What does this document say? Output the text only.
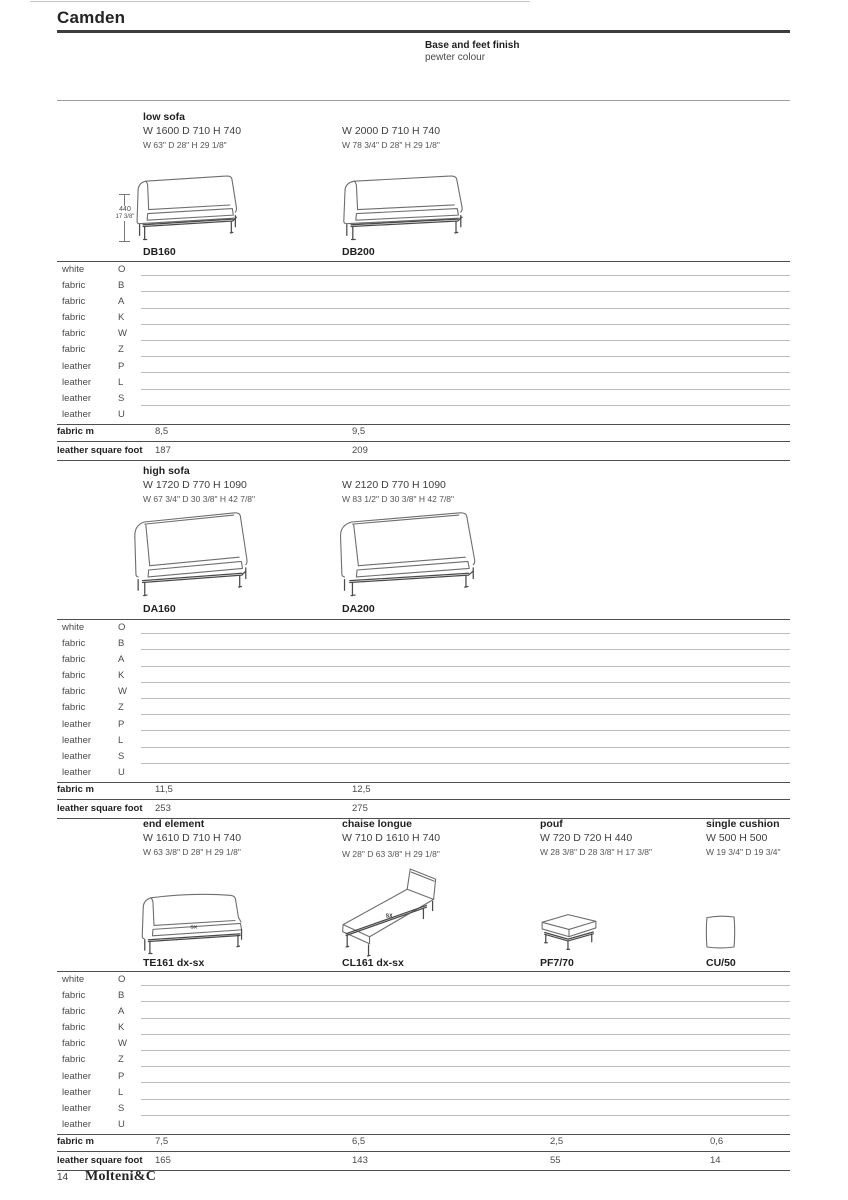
Camden
Base and feet finish
pewter colour
low sofa
W 1600 D 710 H 740
W 63" D 28" H 29 1/8"
W 2000 D 710 H 740
W 78 3/4" D 28" H 29 1/8"
440
17 3/8"
DB160	DB200
white	O
fabric	B
fabric	A
fabric	K
fabric	W
fabric	Z
leather	P
leather	L
leather	S
leather	U
fabric m	8,5	9,5
leather square foot 187	209
high sofa
W 1720 D 770 H 1090
W 67 3/4" D 30 3/8" H 42 7/8"
W 2120 D 770 H 1090
W 83 1/2" D 30 3/8" H 42 7/8"
DA160	DA200
white	O
fabric	B
fabric	A
fabric	K
fabric	W
fabric	Z
leather	P
leather	L
leather	S
leather	U
fabric m	11,5	12,5
leather square foot 253	275
end element
W 1610 D 710 H 740
W 63 3/8" D 28" H 29 1/8"
chaise longue
W 710 D 1610 H 740
W 28" D 63 3/8" H 29 1/8"
pouf
W 720 D 720 H 440
W 28 3/8" D 28 3/8" H 17 3/8"
single cushion
W 500 H 500
W 19 3/4" D 19 3/4"
SX
SX
TE161 dx-sx	CL161 dx-sx	PF7/70	CU/50
white	O
fabric	B
fabric	A
fabric	K
fabric	W
fabric	Z
leather	P
leather	L
leather	S
leather	U
fabric m	7,5	6,5	2,5	0,6
leather square foot 165	143	55	14
14 Molteni&C
